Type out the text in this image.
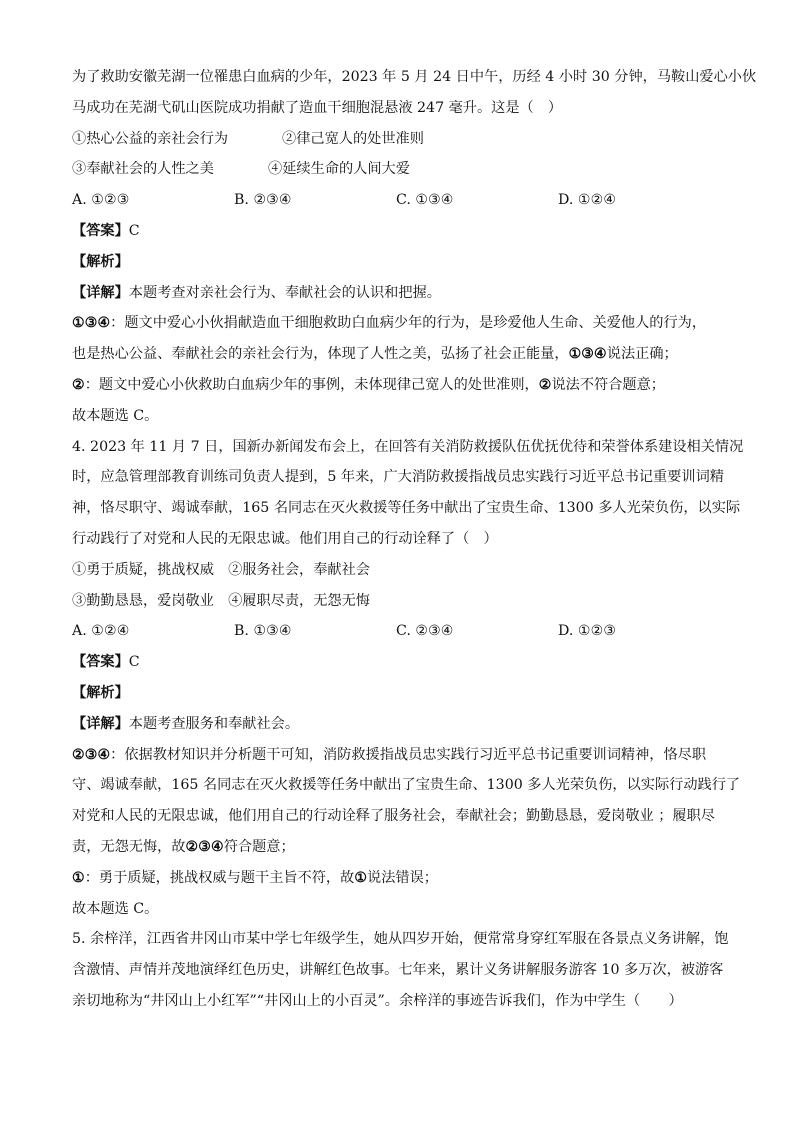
为了救助安徽芜湖一位罹患白血病的少年，2023 年 5 月 24 日中午，历经 4 小时 30 分钟，马鞍山爱心小伙
马成功在芜湖弋矶山医院成功捐献了造血干细胞混悬液 247 毫升。这是（　）
①热心公益的亲社会行为	②律己宽人的处世准则
③奉献社会的人性之美	④延续生命的人间大爱
A. ①②③	B. ②③④	C. ①③④	D. ①②④
【答案】C
【解析】
【详解】本题考查对亲社会行为、奉献社会的认识和把握。
①③④：题文中爱心小伙捐献造血干细胞救助白血病少年的行为，是珍爱他人生命、关爱他人的行为，
也是热心公益、奉献社会的亲社会行为，体现了人性之美，弘扬了社会正能量，①③④说法正确；
②：题文中爱心小伙救助白血病少年的事例，未体现律己宽人的处世准则，②说法不符合题意；
故本题选 C。
4. 2023 年 11 月 7 日，国新办新闻发布会上，在回答有关消防救援队伍优抚优待和荣誉体系建设相关情况
时，应急管理部教育训练司负责人提到，5 年来，广大消防救援指战员忠实践行习近平总书记重要训词精
神，恪尽职守、竭诚奉献，165 名同志在灭火救援等任务中献出了宝贵生命、1300 多人光荣负伤，以实际
行动践行了对党和人民的无限忠诚。他们用自己的行动诠释了（　）
①勇于质疑，挑战权威　 ②服务社会，奉献社会
③勤勤恳恳，爱岗敬业　 ④履职尽责，无怨无悔
A. ①②④	B. ①③④	C. ②③④	D. ①②③
【答案】C
【解析】
【详解】本题考查服务和奉献社会。
②③④：依据教材知识并分析题干可知，消防救援指战员忠实践行习近平总书记重要训词精神，恪尽职
守、竭诚奉献，165 名同志在灭火救援等任务中献出了宝贵生命、1300 多人光荣负伤，以实际行动践行了
对党和人民的无限忠诚，他们用自己的行动诠释了服务社会，奉献社会；勤勤恳恳，爱岗敬业 ；履职尽
责，无怨无悔，故②③④符合题意；
①：勇于质疑，挑战权威与题干主旨不符，故①说法错误；
故本题选 C。
5. 余梓洋，江西省井冈山市某中学七年级学生，她从四岁开始，便常常身穿红军服在各景点义务讲解，饱
含激情、声情并茂地演绎红色历史，讲解红色故事。七年来，累计义务讲解服务游客 10 多万次，被游客
亲切地称为“井冈山上小红军”“井冈山上的小百灵”。余梓洋的事迹告诉我们，作为中学生（　　）
